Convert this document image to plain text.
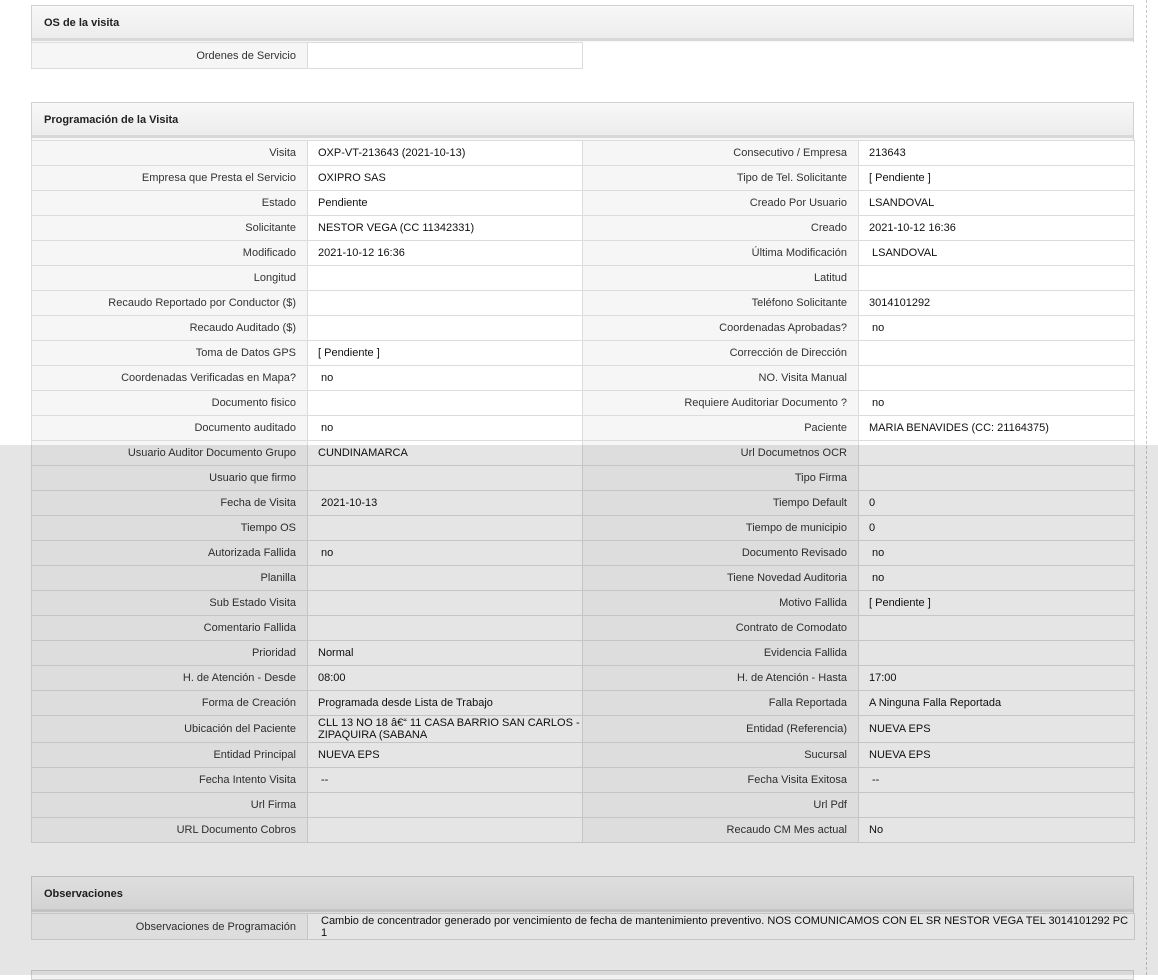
OS de la visita
Ordenes de Servicio	
Programación de la Visita
Visita	OXP-VT-213643 (2021-10-13)	Consecutivo / Empresa	213643
Empresa que Presta el Servicio	OXIPRO SAS	Tipo de Tel. Solicitante	[ Pendiente ]
Estado	Pendiente	Creado Por Usuario	LSANDOVAL
Solicitante	NESTOR VEGA (CC 11342331)	Creado	2021-10-12 16:36
Modificado	2021-10-12 16:36	Última Modificación	LSANDOVAL
Longitud		Latitud	
Recaudo Reportado por Conductor ($)		Teléfono Solicitante	3014101292
Recaudo Auditado ($)		Coordenadas Aprobadas?	no
Toma de Datos GPS	[ Pendiente ]	Corrección de Dirección	
Coordenadas Verificadas en Mapa?	no	NO. Visita Manual	
Documento fisico		Requiere Auditoriar Documento ?	no
Documento auditado	no	Paciente	MARIA BENAVIDES (CC: 21164375)
Usuario Auditor Documento Grupo	CUNDINAMARCA	Url Documetnos OCR	
Usuario que firmo		Tipo Firma	
Fecha de Visita	2021-10-13	Tiempo Default	0
Tiempo OS		Tiempo de municipio	0
Autorizada Fallida	no	Documento Revisado	no
Planilla		Tiene Novedad Auditoria	no
Sub Estado Visita		Motivo Fallida	[ Pendiente ]
Comentario Fallida		Contrato de Comodato	
Prioridad	Normal	Evidencia Fallida	
H. de Atención - Desde	08:00	H. de Atención - Hasta	17:00
Forma de Creación	Programada desde Lista de Trabajo	Falla Reportada	A Ninguna Falla Reportada
Ubicación del Paciente	CLL 13 NO 18 â€“ 11 CASA BARRIO SAN CARLOS - ZIPAQUIRA (SABANA	Entidad (Referencia)	NUEVA EPS
Entidad Principal	NUEVA EPS	Sucursal	NUEVA EPS
Fecha Intento Visita	--	Fecha Visita Exitosa	--
Url Firma		Url Pdf	
URL Documento Cobros		Recaudo CM Mes actual	No
Observaciones
Observaciones de Programación	Cambio de concentrador generado por vencimiento de fecha de mantenimiento preventivo. NOS COMUNICAMOS CON EL SR NESTOR VEGA TEL 3014101292 PC 1
